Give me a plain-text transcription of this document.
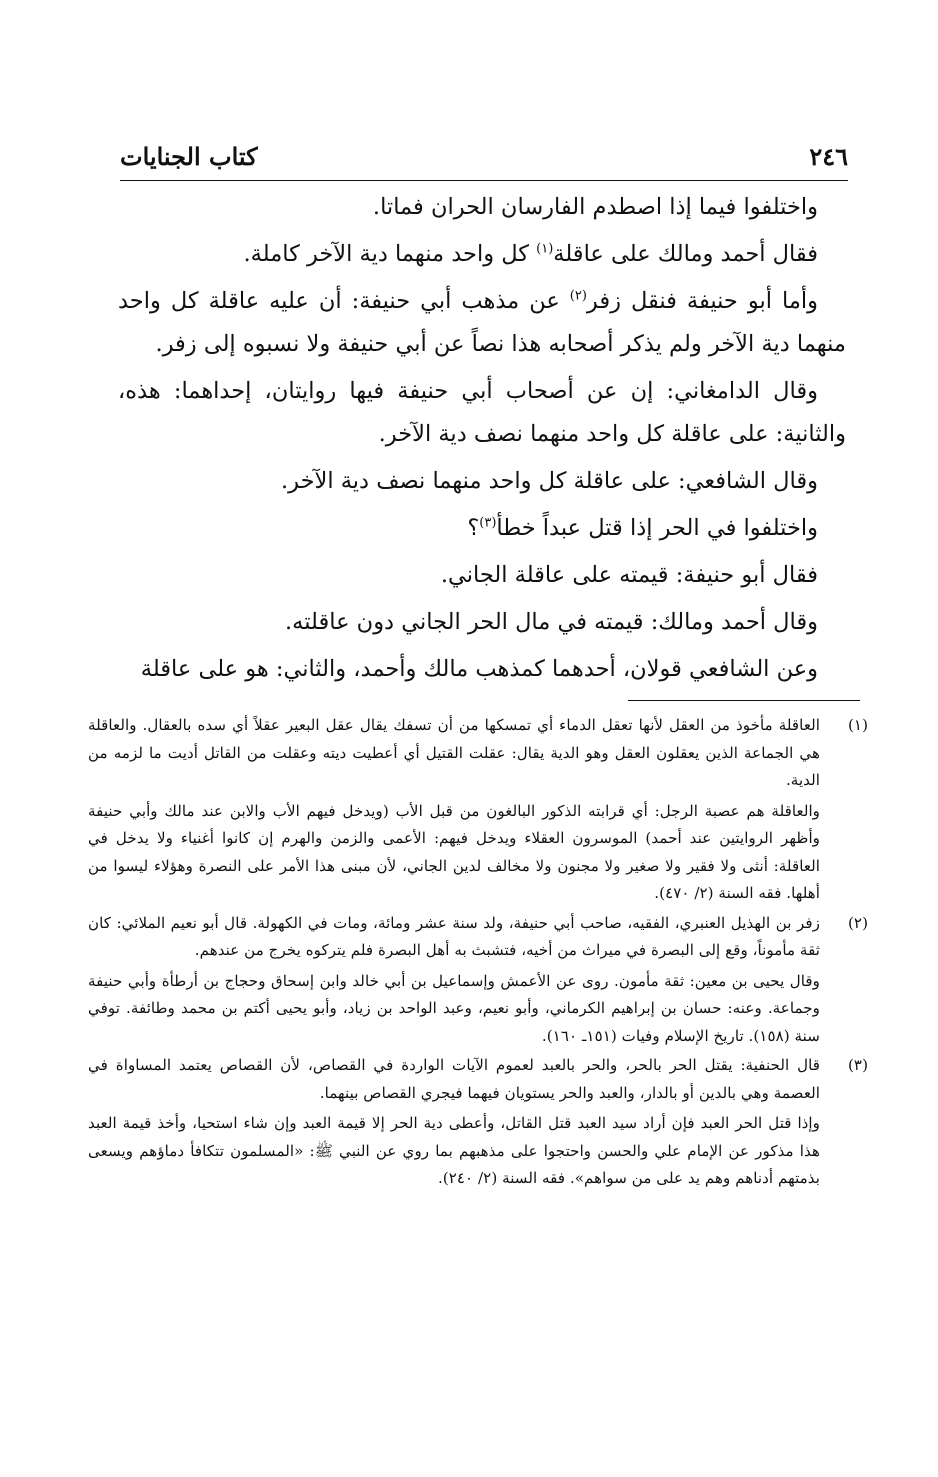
٢٤٦
كتاب الجنايات

واختلفوا فيما إذا اصطدم الفارسان الحران فماتا.

فقال أحمد ومالك على عاقلة$^{(١)}$ كل واحد منهما دية الآخر كاملة.

وأما أبو حنيفة فنقل زفر$^{(٢)}$ عن مذهب أبي حنيفة: أن عليه عاقلة كل واحد منهما دية الآخر ولم يذكر أصحابه هذا نصاً عن أبي حنيفة ولا نسبوه إلى زفر.

وقال الدامغاني: إن عن أصحاب أبي حنيفة فيها روايتان، إحداهما: هذه، والثانية: على عاقلة كل واحد منهما نصف دية الآخر.

وقال الشافعي: على عاقلة كل واحد منهما نصف دية الآخر.

واختلفوا في الحر إذا قتل عبداً خطأ$^{(٣)}$؟

فقال أبو حنيفة: قيمته على عاقلة الجاني.

وقال أحمد ومالك: قيمته في مال الحر الجاني دون عاقلته.

وعن الشافعي قولان، أحدهما كمذهب مالك وأحمد، والثاني: هو على عاقلة

(١)

العاقلة مأخوذ من العقل لأنها تعقل الدماء أي تمسكها من أن تسفك يقال عقل البعير عقلاً أي سده بالعقال. والعاقلة هي الجماعة الذين يعقلون العقل وهو الدية يقال: عقلت القتيل أي أعطيت ديته وعقلت من القاتل أديت ما لزمه من الدية.

والعاقلة هم عصبة الرجل: أي قرابته الذكور البالغون من قبل الأب (ويدخل فيهم الأب والابن عند مالك وأبي حنيفة وأظهر الروايتين عند أحمد) الموسرون العقلاء ويدخل فيهم: الأعمى والزمن والهرم إن كانوا أغنياء ولا يدخل في العاقلة: أنثى ولا فقير ولا صغير ولا مجنون ولا مخالف لدين الجاني، لأن مبنى هذا الأمر على النصرة وهؤلاء ليسوا من أهلها. فقه السنة (٢/ ٤٧٠).

(٢)

زفر بن الهذيل العنبري، الفقيه، صاحب أبي حنيفة، ولد سنة عشر ومائة، ومات في الكهولة. قال أبو نعيم الملائي: كان ثقة مأموناً، وقع إلى البصرة في ميراث من أخيه، فتشبث به أهل البصرة فلم يتركوه يخرج من عندهم.

وقال يحيى بن معين: ثقة مأمون. روى عن الأعمش وإسماعيل بن أبي خالد وابن إسحاق وحجاج بن أرطأة وأبي حنيفة وجماعة. وعنه: حسان بن إبراهيم الكرماني، وأبو نعيم، وعبد الواحد بن زياد، وأبو يحيى أكتم بن محمد وطائفة. توفي سنة (١٥٨). تاريخ الإسلام وفيات (١٥١ـ ١٦٠).

(٣)

قال الحنفية: يقتل الحر بالحر، والحر بالعبد لعموم الآيات الواردة في القصاص، لأن القصاص يعتمد المساواة في العصمة وهي بالدين أو بالدار، والعبد والحر يستويان فيهما فيجري القصاص بينهما.

وإذا قتل الحر العبد فإن أراد سيد العبد قتل القاتل، وأعطى دية الحر إلا قيمة العبد وإن شاء استحيا، وأخذ قيمة العبد هذا مذكور عن الإمام علي والحسن واحتجوا على مذهبهم بما روي عن النبي ﷺ: «المسلمون تتكافأ دماؤهم ويسعى بذمتهم أدناهم وهم يد على من سواهم». فقه السنة (٢/ ٢٤٠).
